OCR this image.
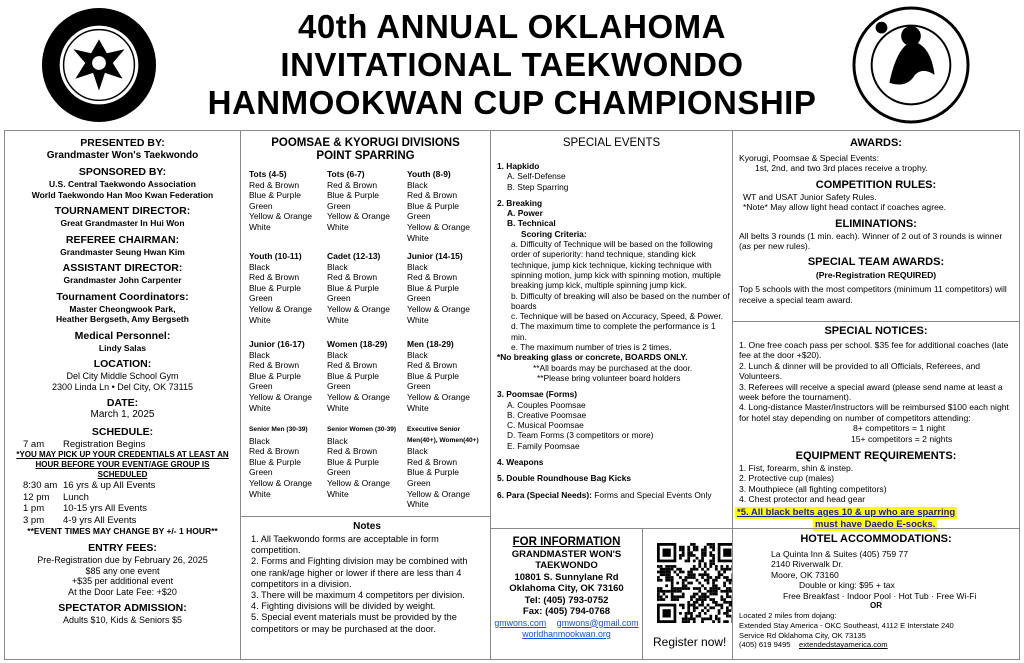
40th ANNUAL OKLAHOMA
INVITATIONAL TAEKWONDO
HANMOOKWAN CUP CHAMPIONSHIP
PRESENTED BY:
Grandmaster Won's Taekwondo
SPONSORED BY:
U.S. Central Taekwondo Association
World Taekwondo Han Moo Kwan Federation
TOURNAMENT DIRECTOR:
Great Grandmaster In Hui Won
REFEREE CHAIRMAN:
Grandmaster Seung Hwan Kim
ASSISTANT DIRECTOR:
Grandmaster John Carpenter
Tournament Coordinators:
Master Cheongwook Park,
Heather Bergseth, Amy Bergseth
Medical Personnel:
Lindy Salas
LOCATION:
Del City Middle School Gym
2300 Linda Ln • Del City, OK 73115
DATE:
March 1, 2025
SCHEDULE:
7 am Registration Begins
*YOU MAY PICK UP YOUR CREDENTIALS AT LEAST AN HOUR BEFORE YOUR EVENT/AGE GROUP IS SCHEDULED
8:30 am 16 yrs & up All Events
12 pm Lunch
1 pm 10-15 yrs All Events
3 pm 4-9 yrs All Events
**EVENT TIMES MAY CHANGE BY +/- 1 HOUR**
ENTRY FEES:
Pre-Registration due by February 26, 2025
$85 any one event
+$35 per additional event
At the Door Late Fee: +$20
SPECTATOR ADMISSION:
Adults $10, Kids & Seniors $5
POOMSAE & KYORUGI DIVISIONS
POINT SPARRING
Tots (4-5)
Red & Brown
Blue & Purple
Green
Yellow & Orange
White
Tots (6-7)
Red & Brown
Blue & Purple
Green
Yellow & Orange
White
Youth (8-9)
Black
Red & Brown
Blue & Purple
Green
Yellow & Orange
White
Youth (10-11)
Black
Red & Brown
Blue & Purple
Green
Yellow & Orange
White
Cadet (12-13)
Black
Red & Brown
Blue & Purple
Green
Yellow & Orange
White
Junior (14-15)
Black
Red & Brown
Blue & Purple
Green
Yellow & Orange
White
Junior (16-17)
Black
Red & Brown
Blue & Purple
Green
Yellow & Orange
White
Women (18-29)
Black
Red & Brown
Blue & Purple
Green
Yellow & Orange
White
Men (18-29)
Black
Red & Brown
Blue & Purple
Green
Yellow & Orange
White
Senior Men (30-39)
Black
Red & Brown
Blue & Purple
Green
Yellow & Orange
White
Senior Women (30-39)
Black
Red & Brown
Blue & Purple
Green
Yellow & Orange
White
Executive Senior Men(40+), Women(40+)
Black
Red & Brown
Blue & Purple
Green
Yellow & Orange
White
Notes
1. All Taekwondo forms are acceptable in form competition.
2. Forms and Fighting division may be combined with one rank/age higher or lower if there are less than 4 competitors in a division.
3. There will be maximum 4 competitors per division.
4. Fighting divisions will be divided by weight.
5. Special event materials must be provided by the competitors or may be purchased at the door.
SPECIAL EVENTS
1. Hapkido
A. Self-Defense
B. Step Sparring
2. Breaking
A. Power
B. Technical
Scoring Criteria:
a. Difficulty of Technique will be based on the following order of superiority: hand technique, standing kick technique, jump kick technique, kicking technique with spinning motion, jump kick with spinning motion, multiple breaking jump kick, multiple spinning jump kick.
b. Difficulty of breaking will also be based on the number of boards
c. Technique will be based on Accuracy, Speed, & Power.
d. The maximum time to complete the performance is 1 min.
e. The maximum number of tries is 2 times.
*No breaking glass or concrete, BOARDS ONLY.
**All boards may be purchased at the door.
**Please bring volunteer board holders
3. Poomsae (Forms)
A. Couples Poomsae
B. Creative Poomsae
C. Musical Poomsae
D. Team Forms (3 competitors or more)
E. Family Poomsae
4. Weapons
5. Double Roundhouse Bag Kicks
6. Para (Special Needs): Forms and Special Events Only
FOR INFORMATION
GRANDMASTER WON'S
TAEKWONDO
10801 S. Sunnylane Rd
Oklahoma City, OK 73160
Tel: (405) 793-0752
Fax: (405) 794-0768
gmwons.com gmwons@gmail.com
worldhanmookwan.org
Register now!
AWARDS:
Kyorugi, Poomsae & Special Events:
1st, 2nd, and two 3rd places receive a trophy.
COMPETITION RULES:
WT and USAT Junior Safety Rules.
*Note* May allow light head contact if coaches agree.
ELIMINATIONS:
All belts 3 rounds (1 min. each). Winner of 2 out of 3 rounds is winner (as per new rules).
SPECIAL TEAM AWARDS:
(Pre-Registration REQUIRED)
Top 5 schools with the most competitors (minimum 11 competitors) will receive a special team award.
SPECIAL NOTICES:
1. One free coach pass per school. $35 fee for additional coaches (late fee at the door +$20).
2. Lunch & dinner will be provided to all Officials, Referees, and Volunteers.
3. Referees will receive a special award (please send name at least a week before the tournament).
4. Long-distance Master/Instructors will be reimbursed $100 each night for hotel stay depending on number of competitors attending:
8+ competitors = 1 night
15+ competitors = 2 nights
EQUIPMENT REQUIREMENTS:
1. Fist, forearm, shin & instep.
2. Protective cup (males)
3. Mouthpiece (all fighting competitors)
4. Chest protector and head gear
*5. All black belts ages 10 & up who are sparring
must have Daedo E-socks.
HOTEL ACCOMMODATIONS:
La Quinta Inn & Suites (405) 759 77
2140 Riverwalk Dr.
Moore, OK 73160
Double or king: $95 + tax
Free Breakfast · Indoor Pool · Hot Tub · Free Wi-Fi
OR
Located 2 miles from dojang:
Extended Stay America - OKC Southeast, 4112 E Interstate 240
Service Rd Oklahoma City, OK 73135
(405) 619 9495 extendedstayamerica.com
